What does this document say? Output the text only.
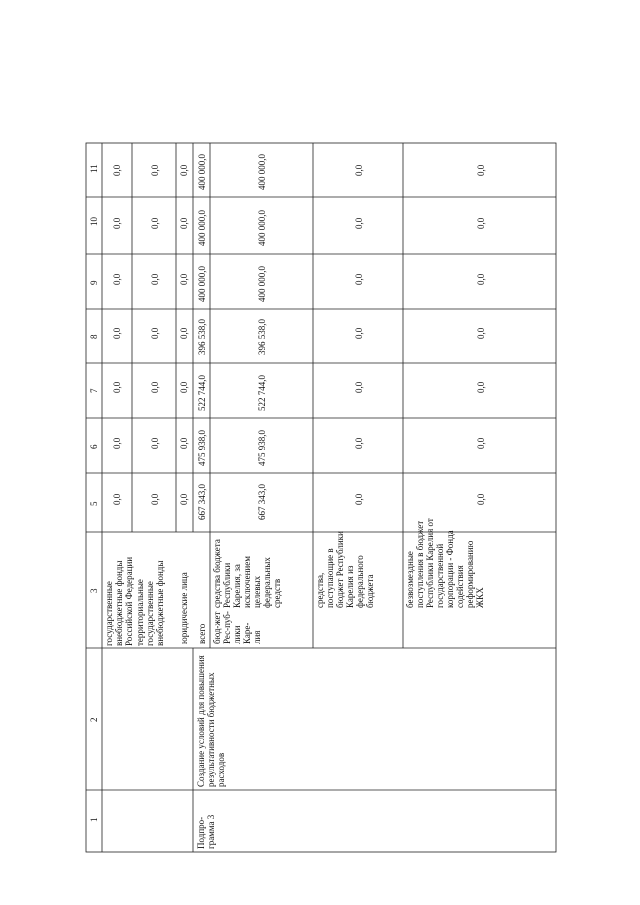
1
2
3
5
6
7
8
9
10
11
государственные внебюджетные фонды Российской Федерации
0,0
0,0
0,0
0,0
0,0
0,0
0,0
территориальные государственные внебюджетные фонды
0,0
0,0
0,0
0,0
0,0
0,0
0,0
юридические лица
0,0
0,0
0,0
0,0
0,0
0,0
0,0
Подпро-грамма 3
Создание условий для повышения результативности бюджетных расходов
всего
667 343,0
475 938,0
522 744,0
396 538,0
400 000,0
400 000,0
400 000,0
бюд-жет Рес-пуб-лики Каре-лия
средства бюджета Республики Карелия, за исключением целевых федеральных средств
667 343,0
475 938,0
522 744,0
396 538,0
400 000,0
400 000,0
400 000,0
средства, поступающие в бюджет Республики Карелия из федерального бюджета
0,0
0,0
0,0
0,0
0,0
0,0
0,0
безвозмездные поступления в бюджет Республики Карелия от государственной корпорации - Фонда содействия реформированию ЖКХ
0,0
0,0
0,0
0,0
0,0
0,0
0,0
